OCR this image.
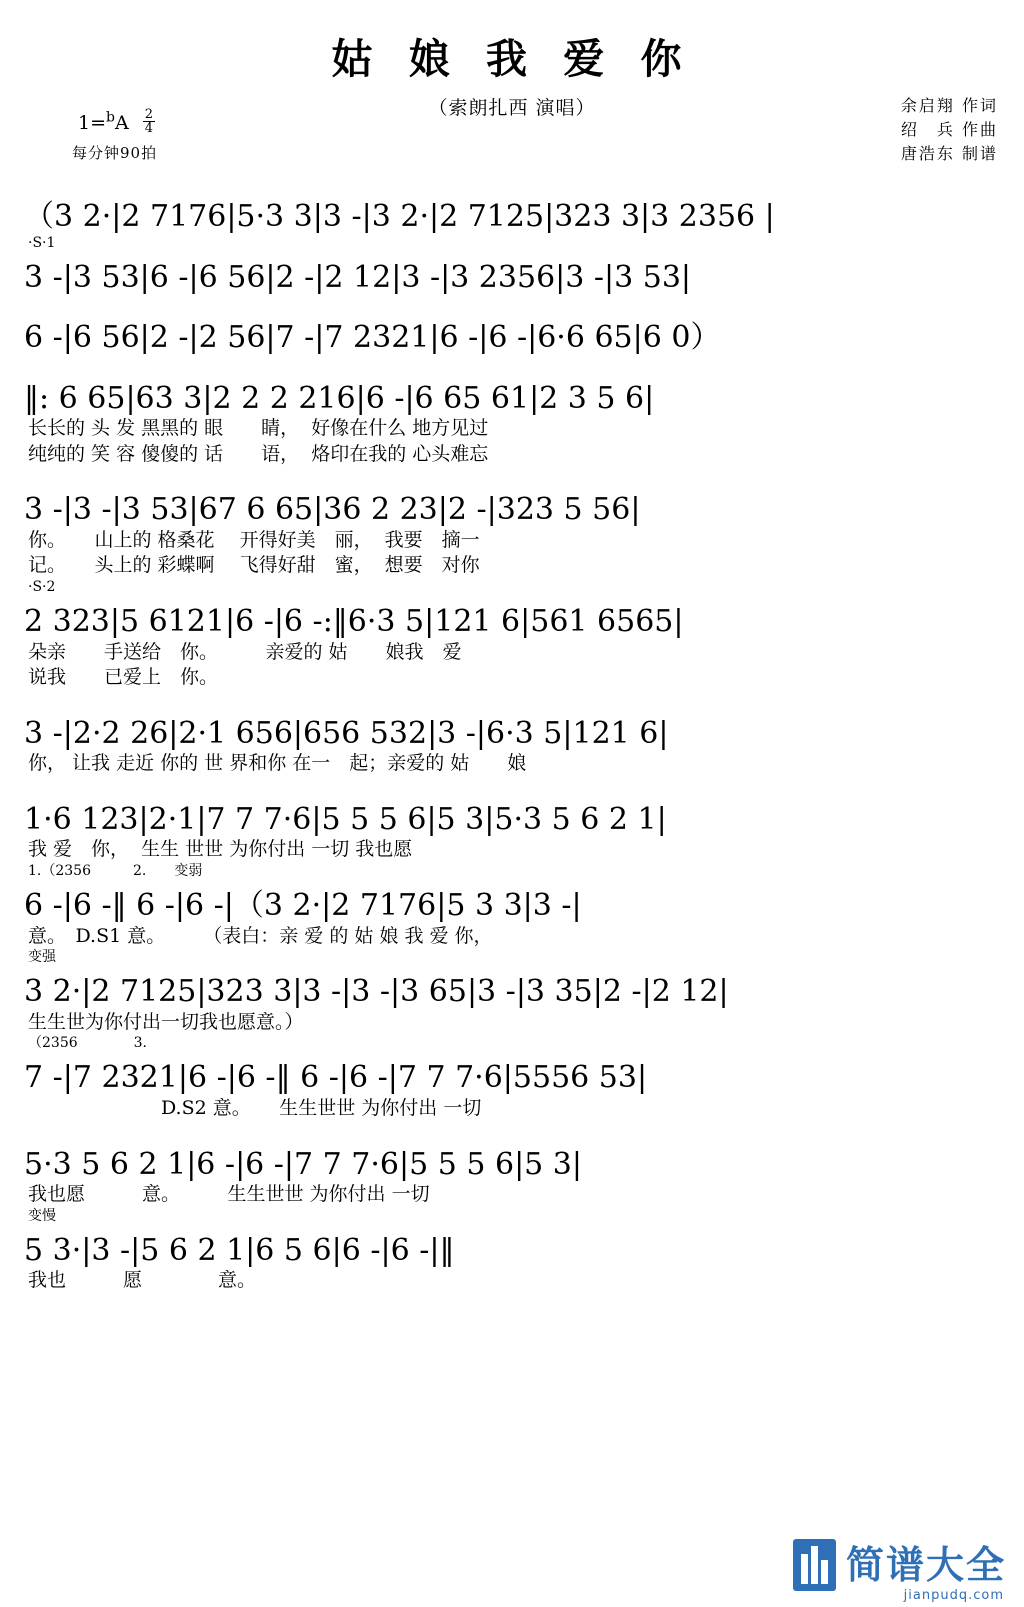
姑 娘 我 爱 你
（索朗扎西 演唱）	余启翔 作词
绍　兵 作曲
唐浩东 制谱
$1=^bA \frac{2}{4}$
每分钟90拍
（3 2·|2 7176|5·3 3|3 -|3 2·|2 7125|323 3|3 2356 |
·S·1
3 -|3 53|6 -|6 56|2 -|2 12|3 -|3 2356|3 -|3 53|
6 -|6 56|2 -|2 56|7 -|7 2321|6 -|6 -|6·6 65|6 0）
‖: 6 65|63 3|2 2 2 216|6 -|6 65 61|2 3 5 6|
长长的 头 发 黑黑的 眼　　睛，  好像在什么 地方见过
纯纯的 笑 容 傻傻的 话　　语，  烙印在我的 心头难忘
3 -|3 -|3 53|67 6 65|36 2 23|2 -|323 5 56|
你。　　山上的 格桑花　 开得好美　丽，  我要　摘一
记。　　头上的 彩蝶啊　 飞得好甜　蜜，  想要　对你
·S·2
2 323|5 6121|6 -|6 -:‖6·3 5|121 6|561 6565|
朵亲　　手送给　你。　　　亲爱的 姑　　娘我　爱
说我　　已爱上　你。
3 -|2·2 26|2·1 656|656 532|3 -|6·3 5|121 6|
你， 让我 走近 你的 世 界和你 在一　起；亲爱的 姑　　娘
1·6 123|2·1|7 7 7·6|5 5 5 6|5 3|5·3 5 6 2 1|
我 爱　你，  生生 世世 为你付出 一切 我也愿
1.（2356　　　2.　　变弱
6 -|6 -‖ 6 -|6 -|（3 2·|2 7176|5 3 3|3 -|
意。　D.S1 意。　　　（表白：亲 爱 的 姑 娘 我 爱 你，
变强
3 2·|2 7125|323 3|3 -|3 -|3 65|3 -|3 35|2 -|2 12|
生生世为你付出一切我也愿意。）
（2356　　　　3.
7 -|7 2321|6 -|6 -‖ 6 -|6 -|7 7 7·6|5556 53|
　　　　　　　D.S2 意。　　生生世世 为你付出 一切
5·3 5 6 2 1|6 -|6 -|7 7 7·6|5 5 5 6|5 3|
我也愿　　　意。　　　生生世世 为你付出 一切
变慢
5 3·|3 -|5 6 2 1|6 5 6|6 -|6 -|‖
我也　　　愿　　　　意。
简谱大全
jianpudq.com
